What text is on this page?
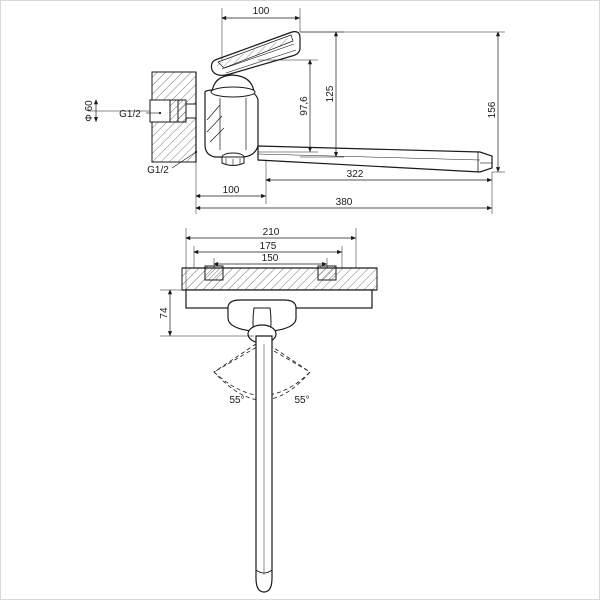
100
97,6
125
156
Ф 60 G1/2
G1/2	322
100
380
55°	55°
210
175
150
74
